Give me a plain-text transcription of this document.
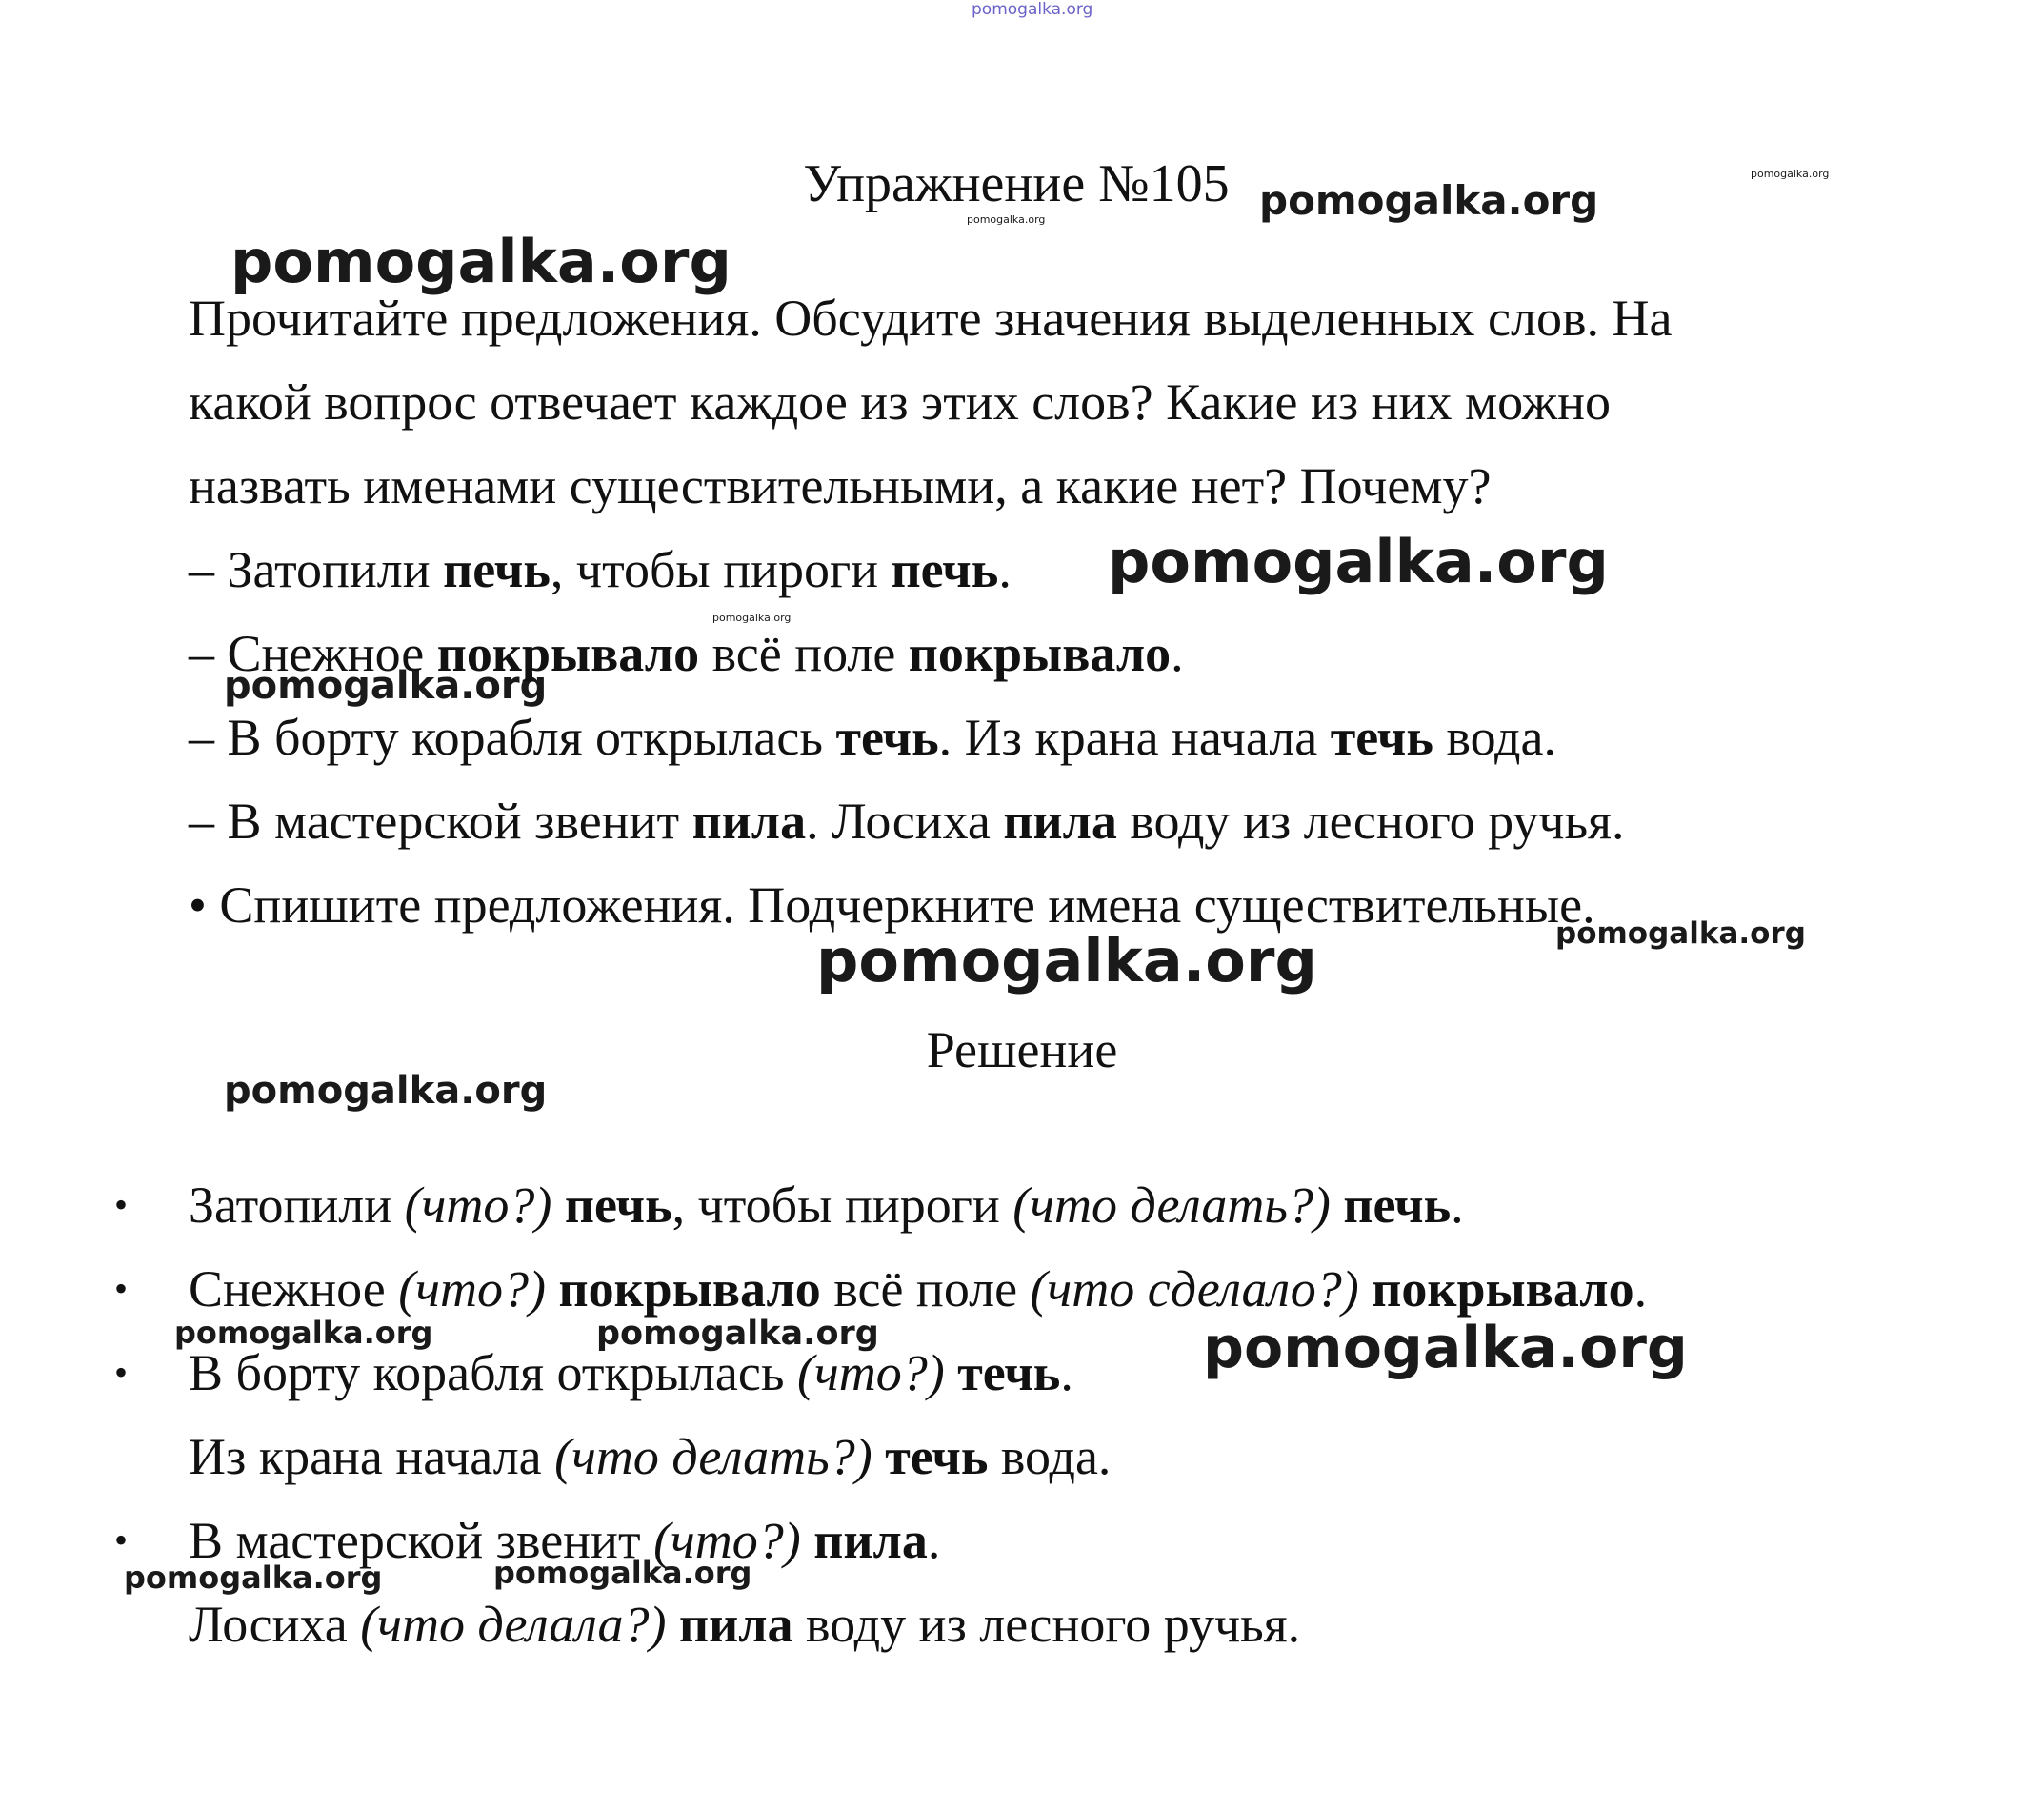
pomogalka.org
pomogalka.org
pomogalka.org	pomogalka.org
pomogalka.org
pomogalka.org
pomogalka.org
pomogalka.org
pomogalka.org
pomogalka.org
pomogalka.org
pomogalka.org	pomogalka.org	pomogalka.org
pomogalka.org	pomogalka.org
Упражнение №105
Прочитайте предложения. Обсудите значения выделенных слов. На
какой вопрос отвечает каждое из этих слов? Какие из них можно
назвать именами существительными, а какие нет? Почему?
– Затопили печь, чтобы пироги печь.
– Снежное покрывало всё поле покрывало.
– В борту корабля открылась течь. Из крана начала течь вода.
– В мастерской звенит пила. Лосиха пила воду из лесного ручья.
• Спишите предложения. Подчеркните имена существительные.
Решение
• Затопили (что?) печь, чтобы пироги (что делать?) печь.
• Снежное (что?) покрывало всё поле (что сделало?) покрывало.
• В борту корабля открылась (что?) течь.
Из крана начала (что делать?) течь вода.
• В мастерской звенит (что?) пила.
Лосиха (что делала?) пила воду из лесного ручья.
